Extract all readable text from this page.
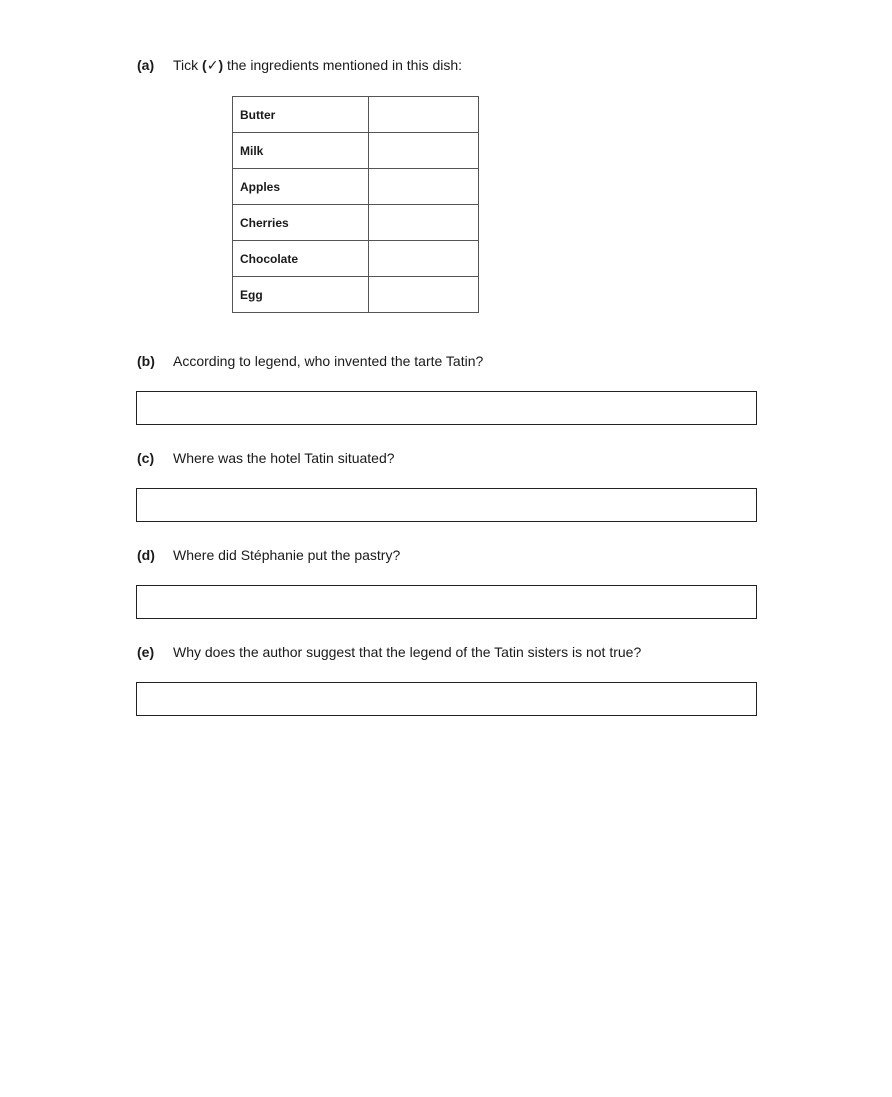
(a) Tick (✓) the ingredients mentioned in this dish:
Butter	
Milk	
Apples	
Cherries	
Chocolate	
Egg	
(b) According to legend, who invented the tarte Tatin?
(c) Where was the hotel Tatin situated?
(d) Where did Stéphanie put the pastry?
(e) Why does the author suggest that the legend of the Tatin sisters is not true?
